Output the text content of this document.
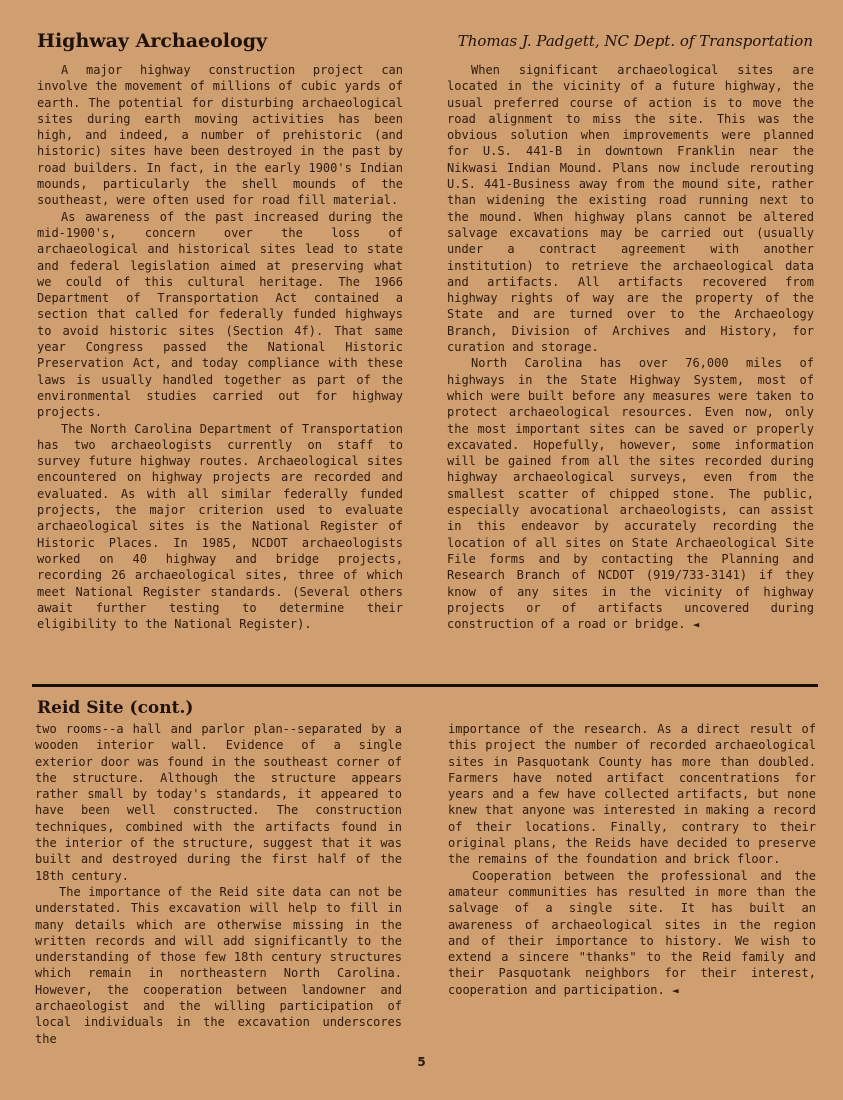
Highway Archaeology	Thomas J. Padgett, NC Dept. of Transportation

A major highway construction project can involve the movement of millions of cubic yards of earth. The potential for disturbing archaeological sites during earth moving activities has been high, and indeed, a number of prehistoric (and historic) sites have been destroyed in the past by road builders. In fact, in the early 1900's Indian mounds, particularly the shell mounds of the southeast, were often used for road fill material.

As awareness of the past increased during the mid-1900's, concern over the loss of archaeological and historical sites lead to state and federal legislation aimed at preserving what we could of this cultural heritage. The 1966 Department of Transportation Act contained a section that called for federally funded highways to avoid historic sites (Section 4f). That same year Congress passed the National Historic Preservation Act, and today compliance with these laws is usually handled together as part of the environmental studies carried out for highway projects.

The North Carolina Department of Transportation has two archaeologists currently on staff to survey future highway routes. Archaeological sites encountered on highway projects are recorded and evaluated. As with all similar federally funded projects, the major criterion used to evaluate archaeological sites is the National Register of Historic Places. In 1985, NCDOT archaeologists worked on 40 highway and bridge projects, recording 26 archaeological sites, three of which meet National Register standards. (Several others await further testing to determine their eligibility to the National Register).

When significant archaeological sites are located in the vicinity of a future highway, the usual preferred course of action is to move the road alignment to miss the site. This was the obvious solution when improvements were planned for U.S. 441-B in downtown Franklin near the Nikwasi Indian Mound. Plans now include rerouting U.S. 441-Business away from the mound site, rather than widening the existing road running next to the mound. When highway plans cannot be altered salvage excavations may be carried out (usually under a contract agreement with another institution) to retrieve the archaeological data and artifacts. All artifacts recovered from highway rights of way are the property of the State and are turned over to the Archaeology Branch, Division of Archives and History, for curation and storage.

North Carolina has over 76,000 miles of highways in the State Highway System, most of which were built before any measures were taken to protect archaeological resources. Even now, only the most important sites can be saved or properly excavated. Hopefully, however, some information will be gained from all the sites recorded during highway archaeological surveys, even from the smallest scatter of chipped stone. The public, especially avocational archaeologists, can assist in this endeavor by accurately recording the location of all sites on State Archaeological Site File forms and by contacting the Planning and Research Branch of NCDOT (919/733-3141) if they know of any sites in the vicinity of highway projects or of artifacts uncovered during construction of a road or bridge. ◄

Reid Site (cont.)

two rooms--a hall and parlor plan--separated by a wooden interior wall. Evidence of a single exterior door was found in the southeast corner of the structure. Although the structure appears rather small by today's standards, it appeared to have been well constructed. The construction techniques, combined with the artifacts found in the interior of the structure, suggest that it was built and destroyed during the first half of the 18th century.

The importance of the Reid site data can not be understated. This excavation will help to fill in many details which are otherwise missing in the written records and will add significantly to the understanding of those few 18th century structures which remain in northeastern North Carolina. However, the cooperation between landowner and archaeologist and the willing participation of local individuals in the excavation underscores the

importance of the research. As a direct result of this project the number of recorded archaeological sites in Pasquotank County has more than doubled. Farmers have noted artifact concentrations for years and a few have collected artifacts, but none knew that anyone was interested in making a record of their locations. Finally, contrary to their original plans, the Reids have decided to preserve the remains of the foundation and brick floor.

Cooperation between the professional and the amateur communities has resulted in more than the salvage of a single site. It has built an awareness of archaeological sites in the region and of their importance to history. We wish to extend a sincere "thanks" to the Reid family and their Pasquotank neighbors for their interest, cooperation and participation. ◄

5
